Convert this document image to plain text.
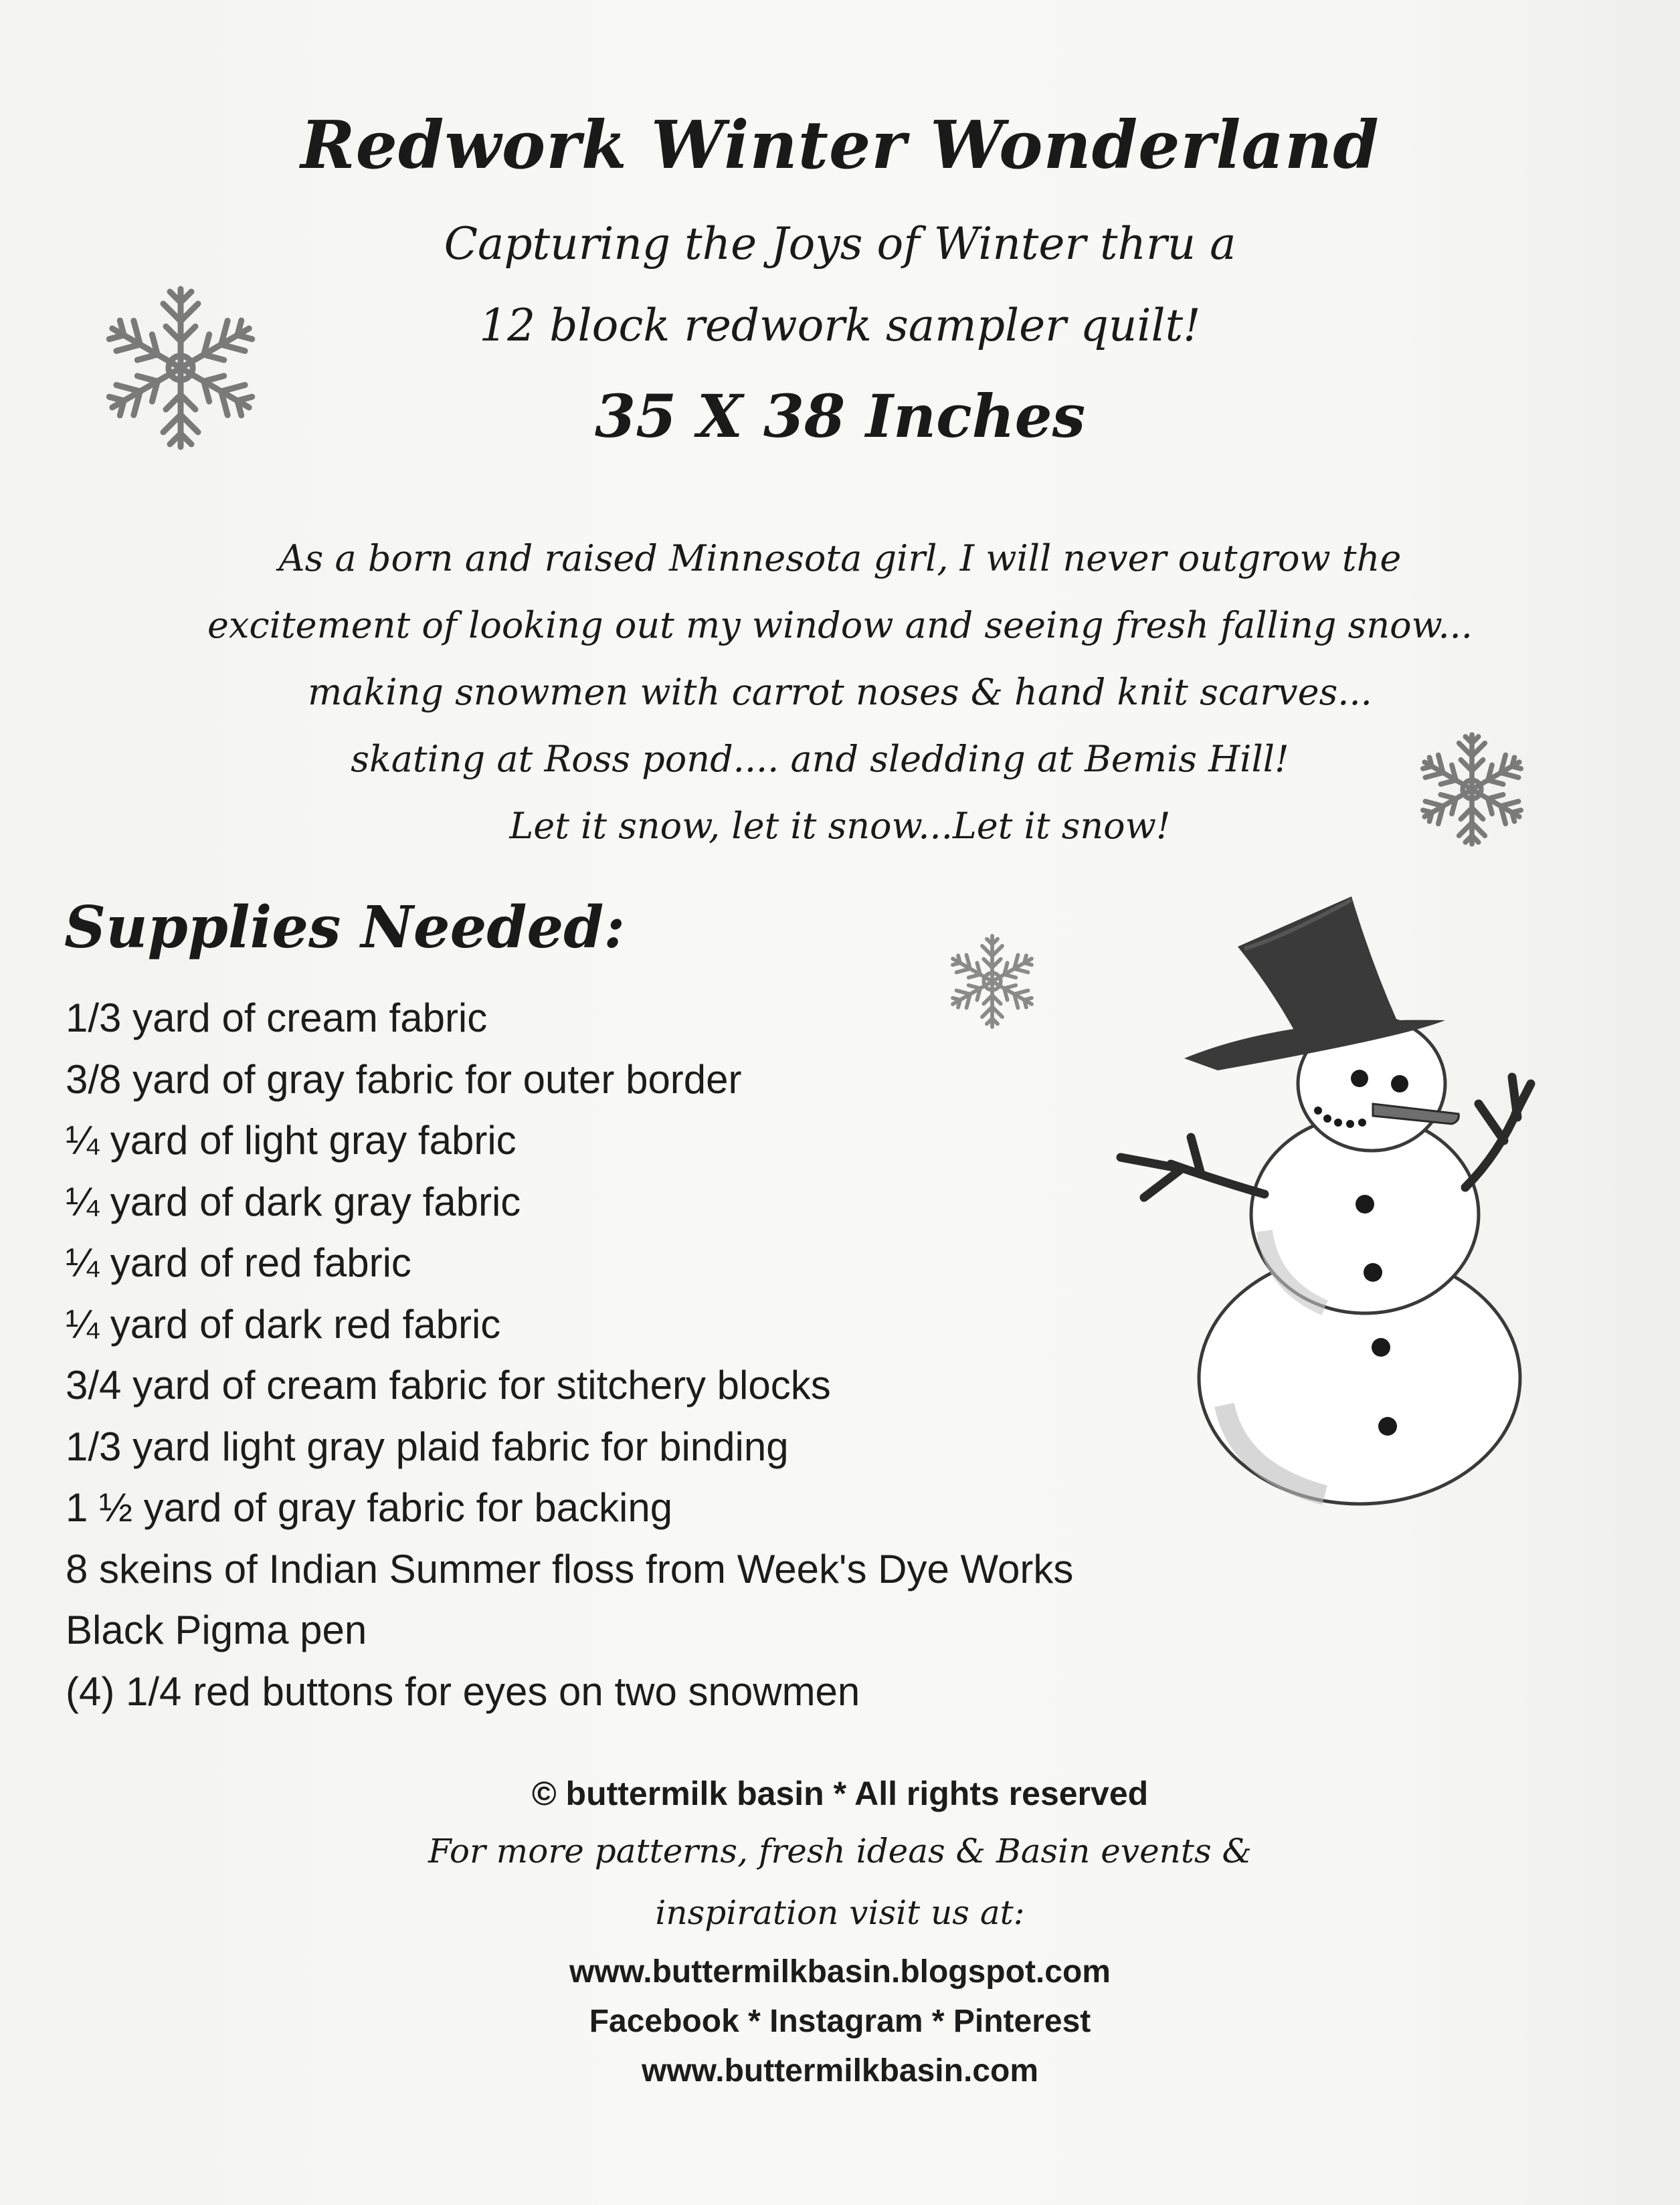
Redwork Winter Wonderland
Capturing the Joys of Winter thru a
12 block redwork sampler quilt!
35 X 38 Inches
As a born and raised Minnesota girl, I will never outgrow the
excitement of looking out my window and seeing fresh falling snow...
making snowmen with carrot noses & hand knit scarves...
skating at Ross pond.... and sledding at Bemis Hill!
Let it snow, let it snow...Let it snow!
Supplies Needed:
1/3 yard of cream fabric
3/8 yard of gray fabric for outer border
¼ yard of light gray fabric
¼ yard of dark gray fabric
¼ yard of red fabric
¼ yard of dark red fabric
3/4 yard of cream fabric for stitchery blocks
1/3 yard light gray plaid fabric for binding
1 ½ yard of gray fabric for backing
8 skeins of Indian Summer floss from Week's Dye Works
Black Pigma pen
(4) 1/4 red buttons for eyes on two snowmen
© buttermilk basin * All rights reserved
For more patterns, fresh ideas & Basin events &
inspiration visit us at:
www.buttermilkbasin.blogspot.com
Facebook * Instagram * Pinterest
www.buttermilkbasin.com
